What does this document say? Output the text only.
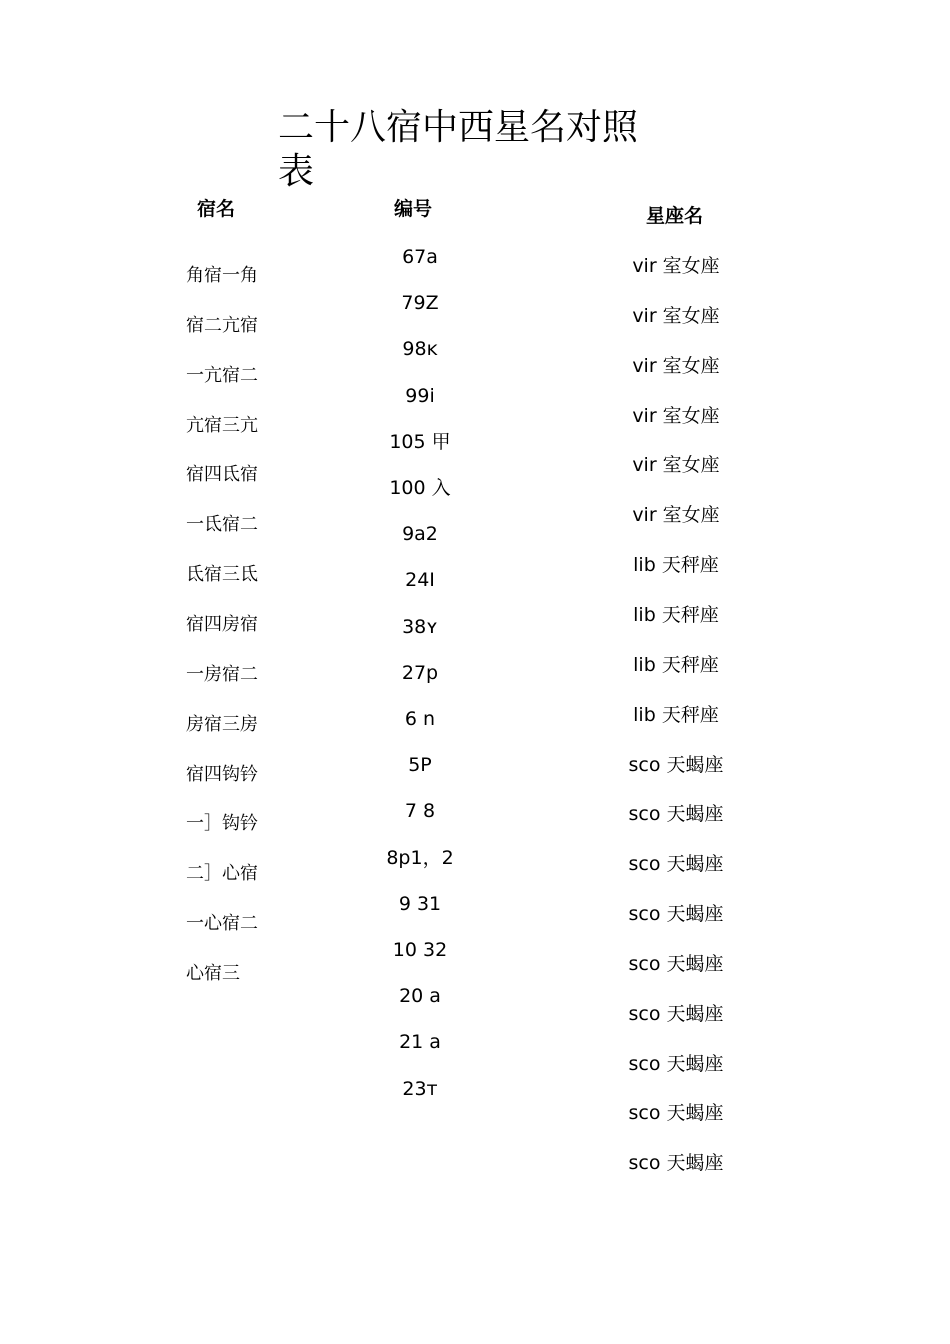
二十八宿中西星名对照表
宿名	编号	星座名
角宿一角
宿二亢宿
一亢宿二
亢宿三亢
宿四氐宿
一氐宿二
氐宿三氐
宿四房宿
一房宿二
房宿三房
宿四钩钤
一］钩钤
二］心宿
一心宿二
心宿三
67a
79Z
98ĸ
99ⅰ
105 甲
100 入
9a2
24I
38ʏ
27p
6 n
5P
7 8
8p1，2
9 31
10 32
20 a
21 a
23ᴛ
vir 室女座
vir 室女座
vir 室女座
vir 室女座
vir 室女座
vir 室女座
lib 天秤座
lib 天秤座
lib 天秤座
lib 天秤座
sco 天蝎座
sco 天蝎座
sco 天蝎座
sco 天蝎座
sco 天蝎座
sco 天蝎座
sco 天蝎座
sco 天蝎座
sco 天蝎座
